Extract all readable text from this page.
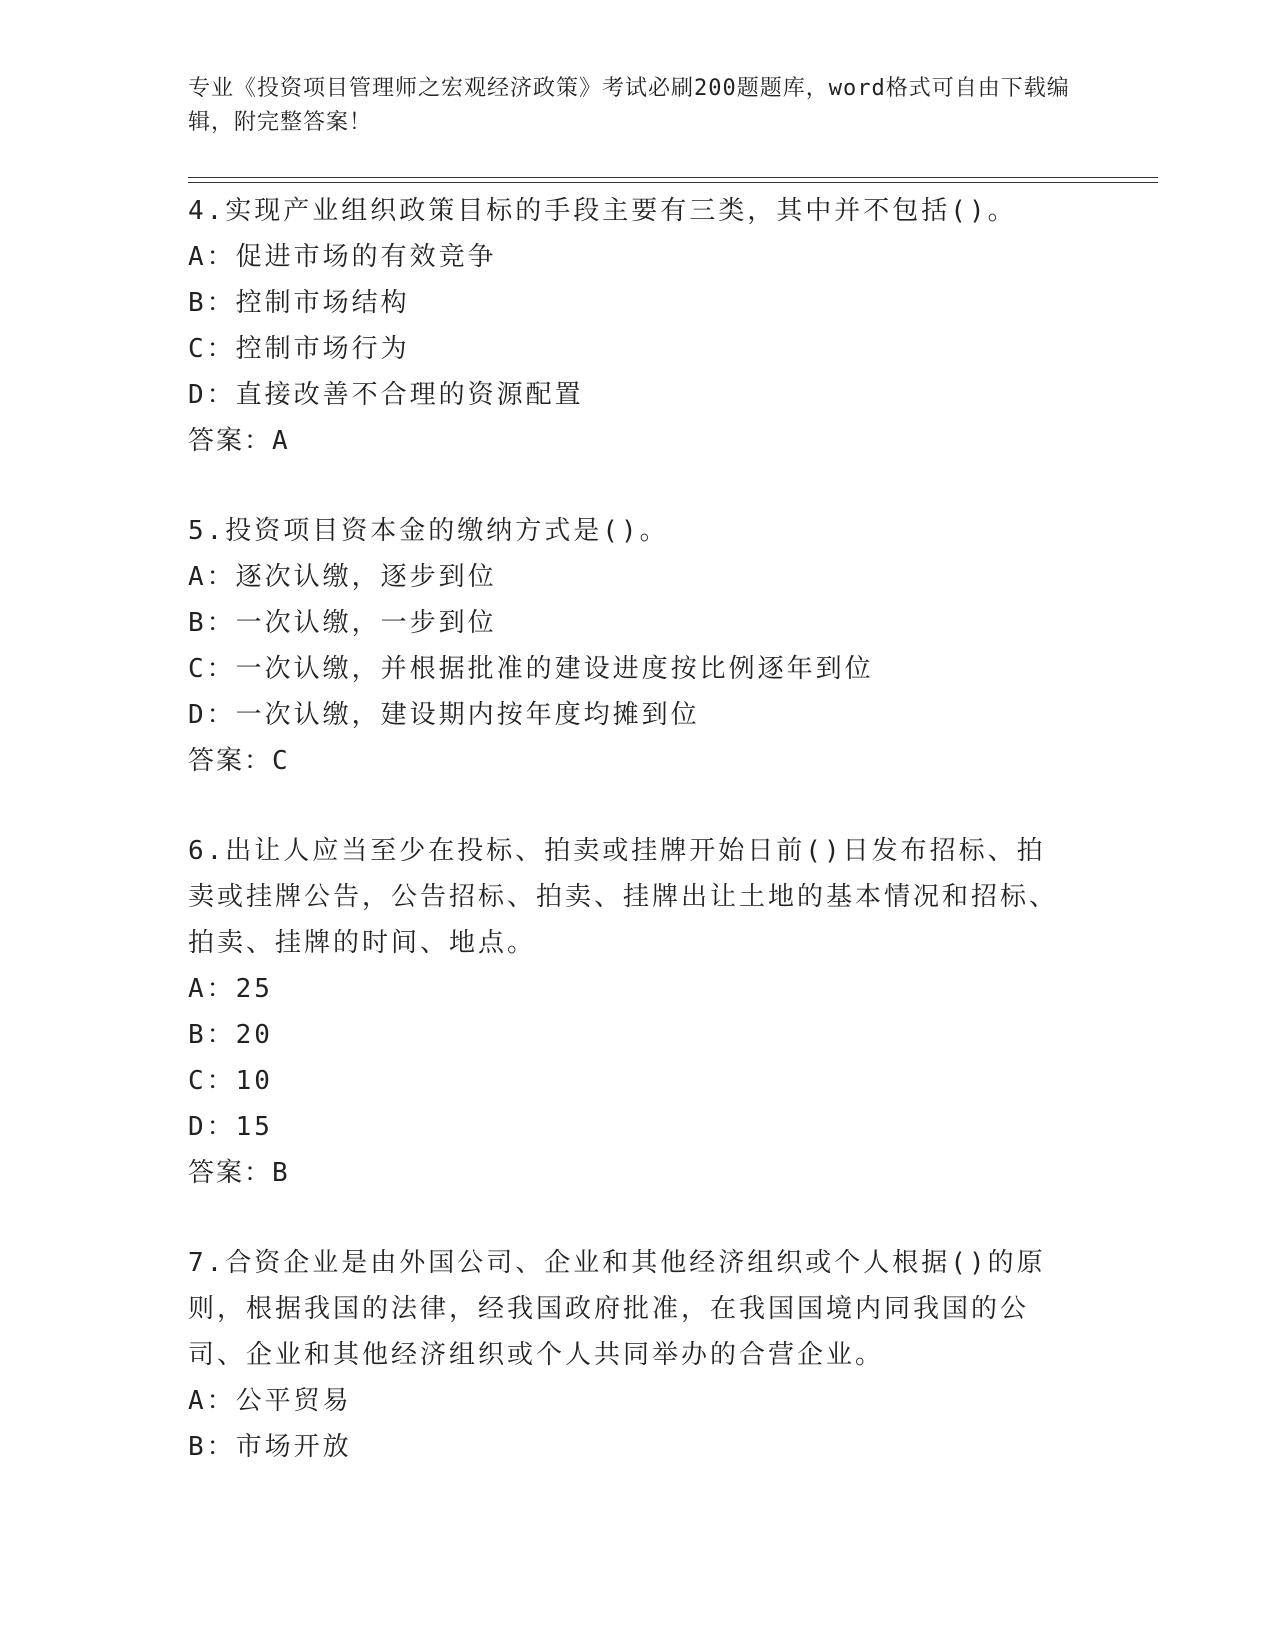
专业《投资项目管理师之宏观经济政策》考试必刷200题题库，word格式可自由下载编辑，附完整答案！

4.实现产业组织政策目标的手段主要有三类，其中并不包括()。

A：促进市场的有效竞争

B：控制市场结构

C：控制市场行为

D：直接改善不合理的资源配置

答案：A

5.投资项目资本金的缴纳方式是()。

A：逐次认缴，逐步到位

B：一次认缴，一步到位

C：一次认缴，并根据批准的建设进度按比例逐年到位

D：一次认缴，建设期内按年度均摊到位

答案：C

6.出让人应当至少在投标、拍卖或挂牌开始日前()日发布招标、拍卖或挂牌公告，公告招标、拍卖、挂牌出让土地的基本情况和招标、拍卖、挂牌的时间、地点。

A：25

B：20

C：10

D：15

答案：B

7.合资企业是由外国公司、企业和其他经济组织或个人根据()的原则，根据我国的法律，经我国政府批准，在我国国境内同我国的公司、企业和其他经济组织或个人共同举办的合营企业。

A：公平贸易

B：市场开放
